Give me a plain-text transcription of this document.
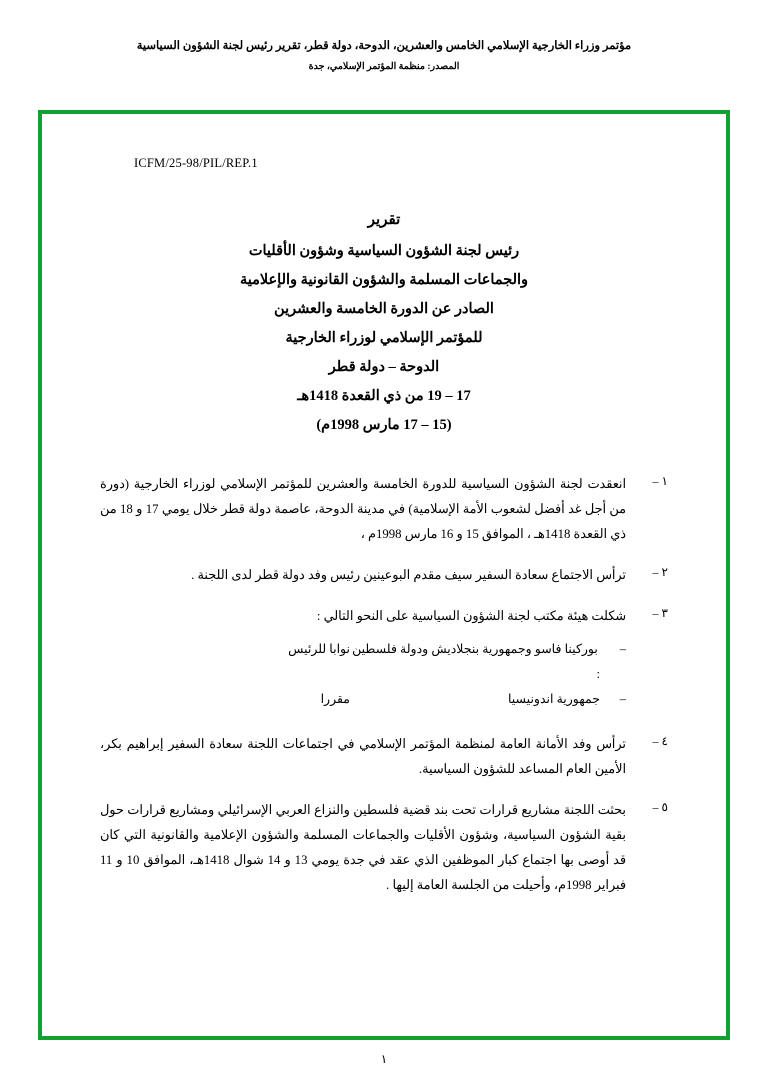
مؤتمر وزراء الخارجية الإسلامي الخامس والعشرين، الدوحة، دولة قطر، تقرير رئيس لجنة الشؤون السياسية
المصدر: منظمة المؤتمر الإسلامي، جدة
ICFM/25-98/PIL/REP.1
تقرير
رئيس لجنة الشؤون السياسية وشؤون الأقليات
والجماعات المسلمة والشؤون القانونية والإعلامية
الصادر عن الدورة الخامسة والعشرين
للمؤتمر الإسلامي لوزراء الخارجية
الدوحة – دولة قطر
17 – 19 من ذي القعدة 1418هـ
(15 – 17 مارس 1998م)
١ –
انعقدت لجنة الشؤون السياسية للدورة الخامسة والعشرين للمؤتمر الإسلامي لوزراء الخارجية (دورة من أجل غد أفضل لشعوب الأمة الإسلامية) في مدينة الدوحة، عاصمة دولة قطر خلال يومي 17 و 18 من ذي القعدة 1418هـ ، الموافق 15 و 16 مارس 1998م ،
٢ –
ترأس الاجتماع سعادة السفير سيف مقدم البوعينين رئيس وفد دولة قطر لدى اللجنة .
٣ –
شكلت هيئة مكتب لجنة الشؤون السياسية على النحو التالي :
–
بوركينا فاسو وجمهورية بنجلاديش ودولة فلسطين :
نوابا للرئيس
–
جمهورية اندونيسيا
مقررا
٤ –
ترأس وفد الأمانة العامة لمنظمة المؤتمر الإسلامي في اجتماعات اللجنة سعادة السفير إبراهيم بكر، الأمين العام المساعد للشؤون السياسية.
٥ –
بحثت اللجنة مشاريع قرارات تحت بند قضية فلسطين والنزاع العربي الإسرائيلي ومشاريع قرارات حول بقية الشؤون السياسية، وشؤون الأقليات والجماعات المسلمة والشؤون الإعلامية والقانونية التي كان قد أوصى بها اجتماع كبار الموظفين الذي عقد في جدة يومي 13 و 14 شوال 1418هـ، الموافق 10 و 11 فبراير 1998م، وأحيلت من الجلسة العامة إليها .
١
